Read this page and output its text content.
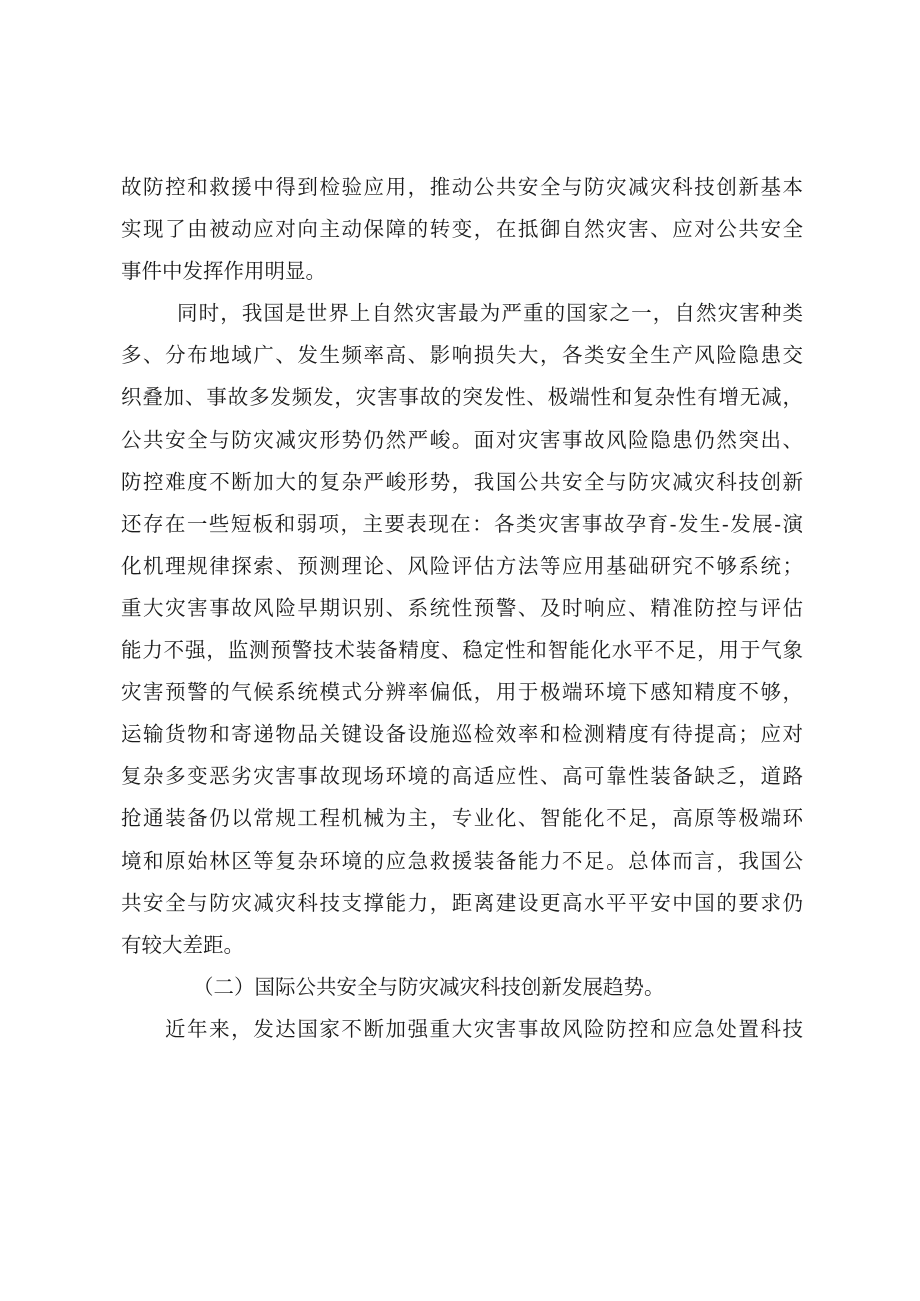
故防控和救援中得到检验应用，推动公共安全与防灾减灾科技创新基本
实现了由被动应对向主动保障的转变，在抵御自然灾害、应对公共安全
事件中发挥作用明显。
同时，我国是世界上自然灾害最为严重的国家之一，自然灾害种类
多、分布地域广、发生频率高、影响损失大，各类安全生产风险隐患交
织叠加、事故多发频发，灾害事故的突发性、极端性和复杂性有增无减，
公共安全与防灾减灾形势仍然严峻。面对灾害事故风险隐患仍然突出、
防控难度不断加大的复杂严峻形势，我国公共安全与防灾减灾科技创新
还存在一些短板和弱项，主要表现在：各类灾害事故孕育-发生-发展-演
化机理规律探索、预测理论、风险评估方法等应用基础研究不够系统；
重大灾害事故风险早期识别、系统性预警、及时响应、精准防控与评估
能力不强，监测预警技术装备精度、稳定性和智能化水平不足，用于气象
灾害预警的气候系统模式分辨率偏低，用于极端环境下感知精度不够，
运输货物和寄递物品关键设备设施巡检效率和检测精度有待提高；应对
复杂多变恶劣灾害事故现场环境的高适应性、高可靠性装备缺乏，道路
抢通装备仍以常规工程机械为主，专业化、智能化不足，高原等极端环
境和原始林区等复杂环境的应急救援装备能力不足。总体而言，我国公
共安全与防灾减灾科技支撑能力，距离建设更高水平平安中国的要求仍
有较大差距。
（二）国际公共安全与防灾减灾科技创新发展趋势。
近年来，发达国家不断加强重大灾害事故风险防控和应急处置科技
